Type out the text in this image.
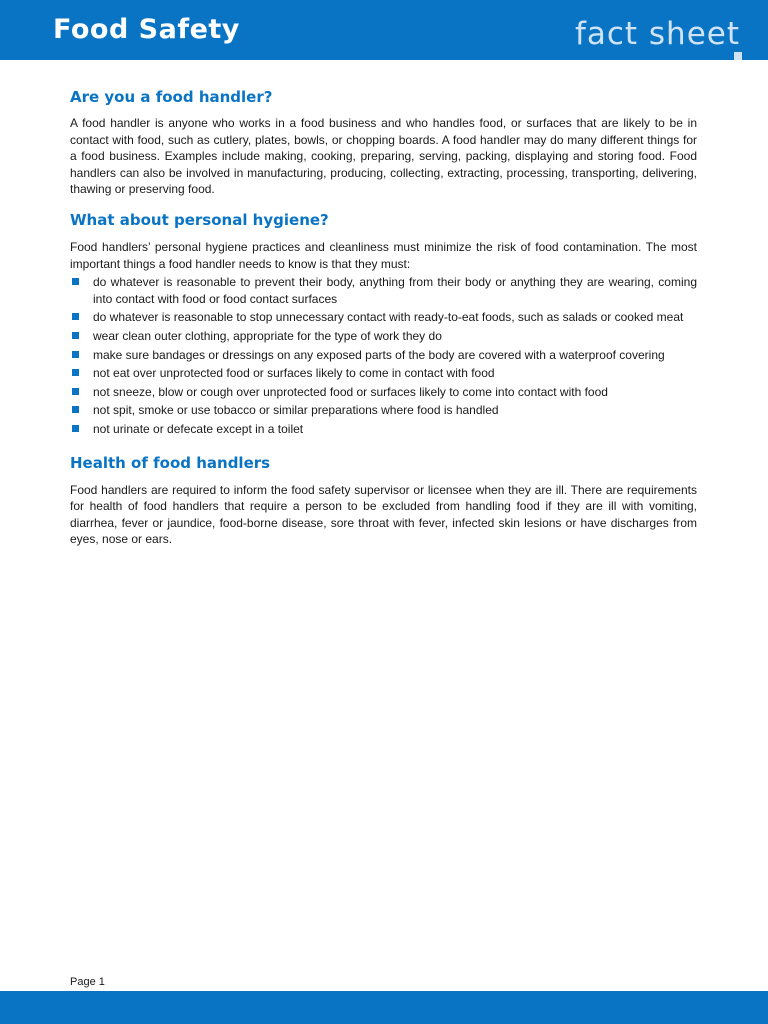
Food Safety	fact sheet
Are you a food handler?

A food handler is anyone who works in a food business and who handles food, or surfaces that are likely to be in contact with food, such as cutlery, plates, bowls, or chopping boards. A food handler may do many different things for a food business. Examples include making, cooking, preparing, serving, packing, displaying and storing food. Food handlers can also be involved in manufacturing, producing, collecting, extracting, processing, transporting, delivering, thawing or preserving food.

What about personal hygiene?

Food handlers’ personal hygiene practices and cleanliness must minimize the risk of food contamination. The most important things a food handler needs to know is that they must:

do whatever is reasonable to prevent their body, anything from their body or anything they are wearing, coming into contact with food or food contact surfaces
do whatever is reasonable to stop unnecessary contact with ready-to-eat foods, such as salads or cooked meat
wear clean outer clothing, appropriate for the type of work they do
make sure bandages or dressings on any exposed parts of the body are covered with a waterproof covering
not eat over unprotected food or surfaces likely to come in contact with food
not sneeze, blow or cough over unprotected food or surfaces likely to come into contact with food
not spit, smoke or use tobacco or similar preparations where food is handled
not urinate or defecate except in a toilet
Health of food handlers

Food handlers are required to inform the food safety supervisor or licensee when they are ill. There are requirements for health of food handlers that require a person to be excluded from handling food if they are ill with vomiting, diarrhea, fever or jaundice, food-borne disease, sore throat with fever, infected skin lesions or have discharges from eyes, nose or ears.

Page 1
